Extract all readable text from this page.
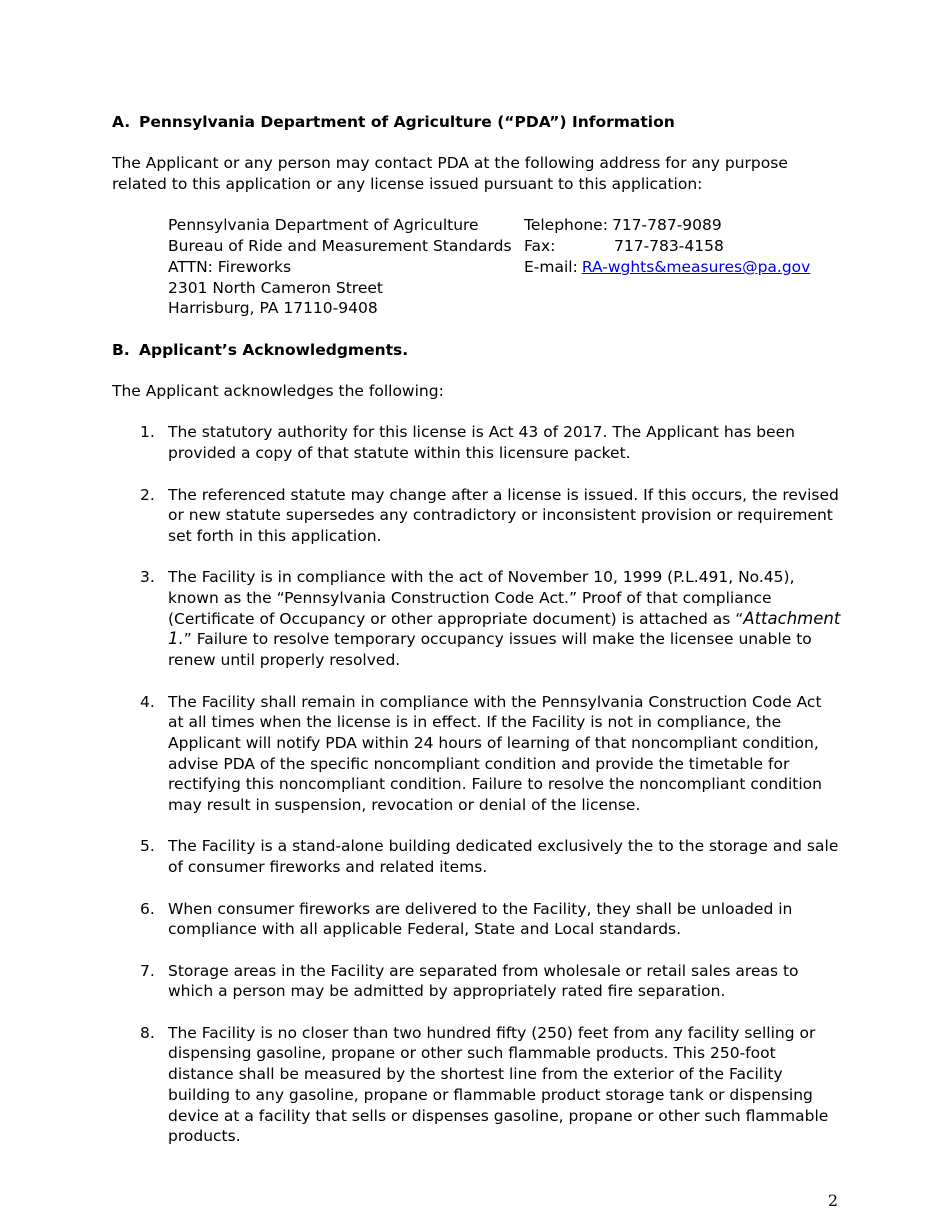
A. Pennsylvania Department of Agriculture (“PDA”) Information

The Applicant or any person may contact PDA at the following address for any purpose related to this application or any license issued pursuant to this application:

Pennsylvania Department of Agriculture
Bureau of Ride and Measurement Standards
ATTN: Fireworks
2301 North Cameron Street
Harrisburg, PA 17110-9408
Telephone: 717-787-9089
Fax:	717-783-4158
E-mail: RA-wghts&measures@pa.gov

B. Applicant’s Acknowledgments.

The Applicant acknowledges the following:

1. The statutory authority for this license is Act 43 of 2017. The Applicant has been provided a copy of that statute within this licensure packet.
2. The referenced statute may change after a license is issued. If this occurs, the revised or new statute supersedes any contradictory or inconsistent provision or requirement set forth in this application.
3. The Facility is in compliance with the act of November 10, 1999 (P.L.491, No.45), known as the “Pennsylvania Construction Code Act.” Proof of that compliance (Certificate of Occupancy or other appropriate document) is attached as “Attachment 1.” Failure to resolve temporary occupancy issues will make the licensee unable to renew until properly resolved.
4. The Facility shall remain in compliance with the Pennsylvania Construction Code Act at all times when the license is in effect. If the Facility is not in compliance, the Applicant will notify PDA within 24 hours of learning of that noncompliant condition, advise PDA of the specific noncompliant condition and provide the timetable for rectifying this noncompliant condition. Failure to resolve the noncompliant condition may result in suspension, revocation or denial of the license.
5. The Facility is a stand-alone building dedicated exclusively the to the storage and sale of consumer fireworks and related items.
6. When consumer fireworks are delivered to the Facility, they shall be unloaded in compliance with all applicable Federal, State and Local standards.
7. Storage areas in the Facility are separated from wholesale or retail sales areas to which a person may be admitted by appropriately rated fire separation.
8. The Facility is no closer than two hundred fifty (250) feet from any facility selling or dispensing gasoline, propane or other such flammable products. This 250-foot distance shall be measured by the shortest line from the exterior of the Facility building to any gasoline, propane or flammable product storage tank or dispensing device at a facility that sells or dispenses gasoline, propane or other such flammable products.
2
